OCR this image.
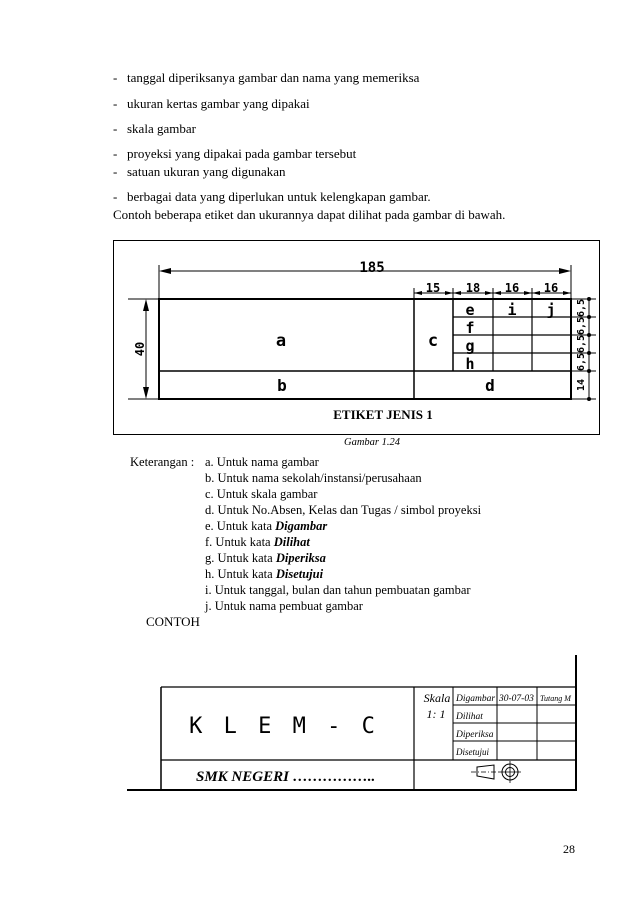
- tanggal diperiksanya gambar dan nama yang memeriksa
- ukuran kertas gambar yang dipakai
- skala gambar
- proyeksi yang dipakai pada gambar tersebut
- satuan ukuran yang digunakan
- berbagai data yang diperlukan untuk kelengkapan gambar.
Contoh beberapa etiket dan ukurannya dapat dilihat pada gambar di bawah.
185
15 18 16 16
40
6,5
6,5
6,5
6,5
14
a
b
c
d
e
f
g
h
i j
ETIKET JENIS 1
Gambar 1.24
Keterangan : a. Untuk nama gambar
b. Untuk nama sekolah/instansi/perusahaan
c. Untuk skala gambar
d. Untuk No.Absen, Kelas dan Tugas / simbol proyeksi
e. Untuk kata Digambar
f. Untuk kata Dilihat
g. Untuk kata Diperiksa
h. Untuk kata Disetujui
i. Untuk tanggal, bulan dan tahun pembuatan gambar
j. Untuk nama pembuat gambar
CONTOH
K L E M - C
SMK NEGERI ……………..
Skala
1: 1
Digambar 30-07-03 Tutang M
Dilihat
Diperiksa
Disetujui
28
